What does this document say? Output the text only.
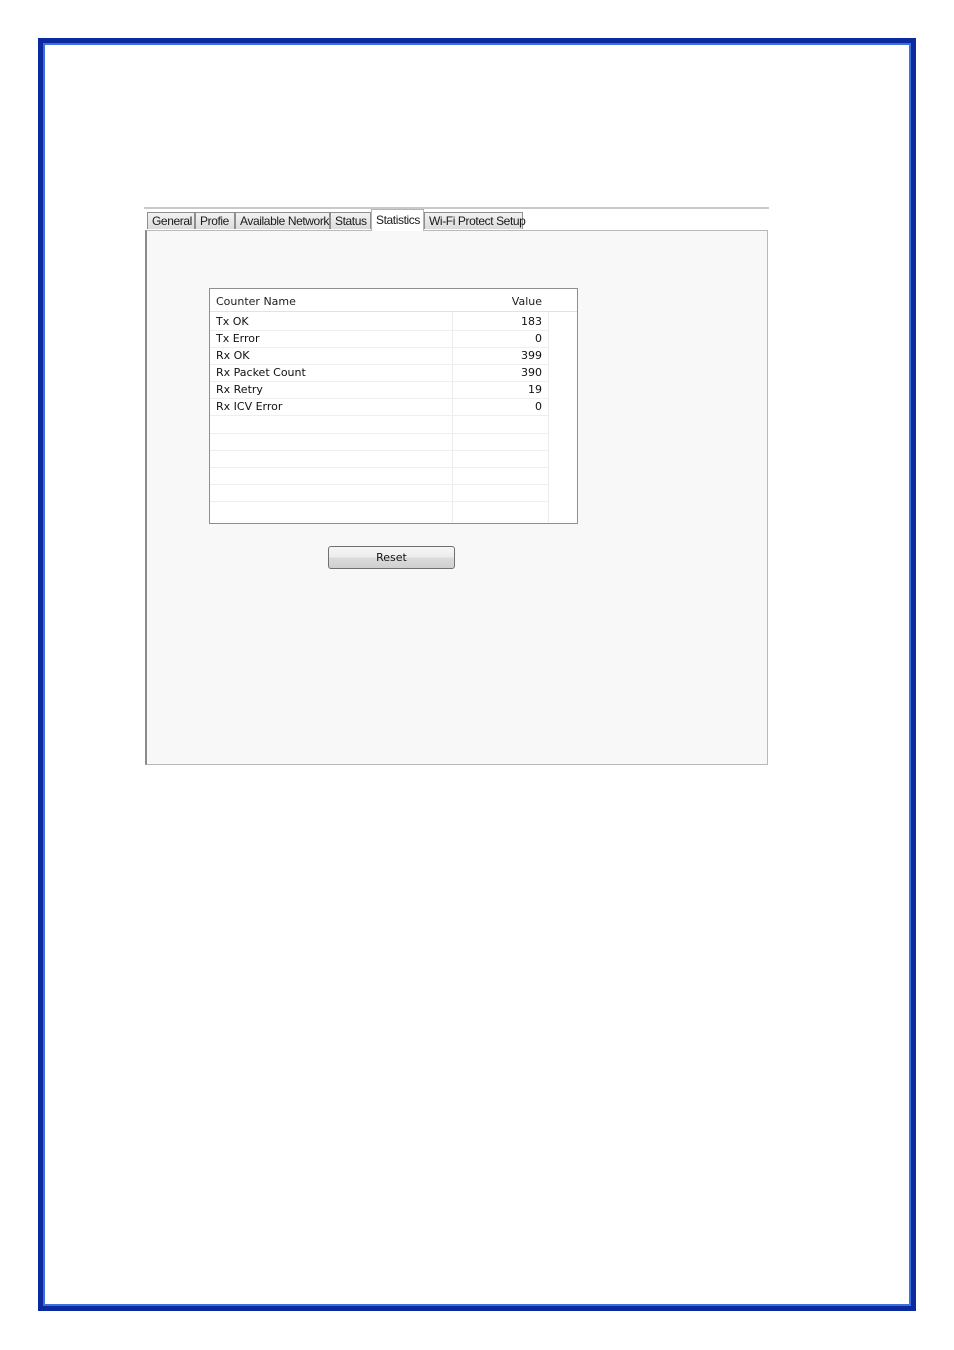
General Profie Available Network Status Statistics Wi-Fi Protect Setup
Counter Name	Value
Tx OK	183
Tx Error	0
Rx OK	399
Rx Packet Count	390
Rx Retry	19
Rx ICV Error	0
Reset
